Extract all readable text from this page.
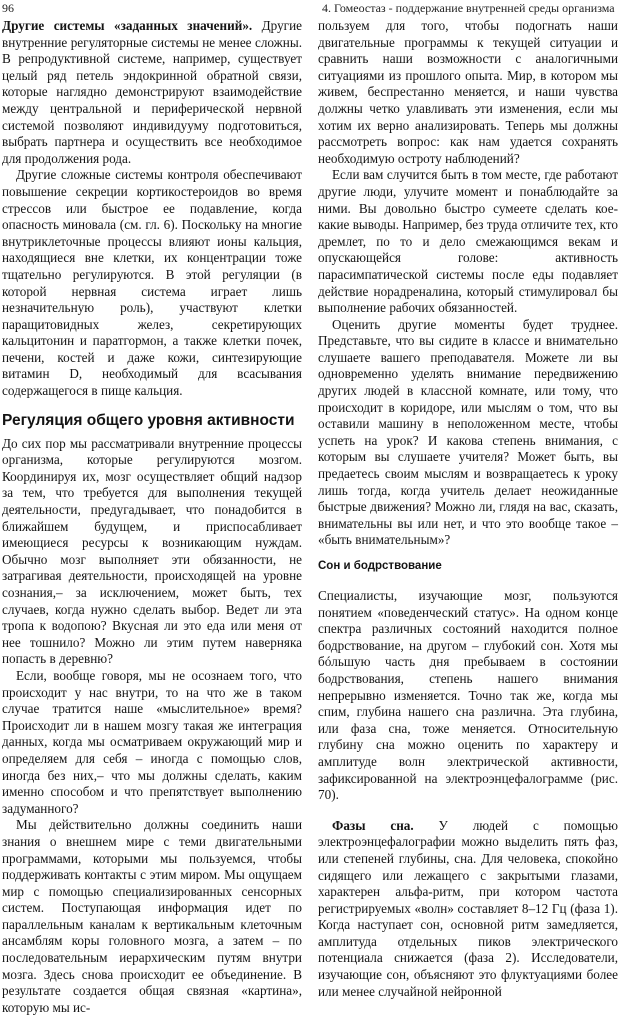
96	4. Гомеостаз - поддержание внутренней среды организма

Другие системы «заданных значений». Другие внутренние регуляторные системы не менее сложны. В репродуктивной системе, например, существует целый ряд петель эндокринной обратной связи, которые наглядно демонстрируют взаимодействие между центральной и периферической нервной системой позволяют индивидууму подготовиться, выбрать партнера и осуществить все необходимое для продолжения рода.

Другие сложные системы контроля обеспечивают повышение секреции кортикостероидов во время стрессов или быстрое ее подавление, когда опасность миновала (см. гл. 6). Поскольку на многие внутриклеточные процессы влияют ионы кальция, находящиеся вне клетки, их концентрации тоже тщательно регулируются. В этой регуляции (в которой нервная система играет лишь незначительную роль), участвуют клетки паращитовидных желез, секретирующих кальцитонин и паратгормон, а также клетки почек, печени, костей и даже кожи, синтезирующие витамин D, необходимый для всасывания содержащегося в пище кальция.

Регуляция общего уровня активности

До сих пор мы рассматривали внутренние процессы организма, которые регулируются мозгом. Координируя их, мозг осуществляет общий надзор за тем, что требуется для выполнения текущей деятельности, предугадывает, что понадобится в ближайшем будущем, и приспосабливает имеющиеся ресурсы к возникающим нуждам. Обычно мозг выполняет эти обязанности, не затрагивая деятельности, происходящей на уровне сознания,– за исключением, может быть, тех случаев, когда нужно сделать выбор. Ведет ли эта тропа к водопою? Вкусная ли это еда или меня от нее тошнило? Можно ли этим путем наверняка попасть в деревню?

Если, вообще говоря, мы не осознаем того, что происходит у нас внутри, то на что же в таком случае тратится наше «мыслительное» время? Происходит ли в нашем мозгу такая же интеграция данных, когда мы осматриваем окружающий мир и определяем для себя – иногда с помощью слов, иногда без них,– что мы должны сделать, каким именно способом и что препятствует выполнению задуманного?

Мы действительно должны соединить наши знания о внешнем мире с теми двигательными программами, которыми мы пользуемся, чтобы поддерживать контакты с этим миром. Мы ощущаем мир с помощью специализированных сенсорных систем. Поступающая информация идет по параллельным каналам к вертикальным клеточным ансамблям коры головного мозга, а затем – по последовательным иерархическим путям внутри мозга. Здесь снова происходит ее объединение. В результате создается общая связная «картина», которую мы ис-

пользуем для того, чтобы подогнать наши двигательные программы к текущей ситуации и сравнить наши возможности с аналогичными ситуациями из прошлого опыта. Мир, в котором мы живем, беспрестанно меняется, и наши чувства должны четко улавливать эти изменения, если мы хотим их верно анализировать. Теперь мы должны рассмотреть вопрос: как нам удается сохранять необходимую остроту наблюдений?

Если вам случится быть в том месте, где работают другие люди, улучите момент и понаблюдайте за ними. Вы довольно быстро сумеете сделать кое-какие выводы. Например, без труда отличите тех, кто дремлет, по то и дело смежающимся векам и опускающейся голове: активность парасимпатической системы после еды подавляет действие норадреналина, который стимулировал бы выполнение рабочих обязанностей.

Оценить другие моменты будет труднее. Представьте, что вы сидите в классе и внимательно слушаете вашего преподавателя. Можете ли вы одновременно уделять внимание передвижению других людей в классной комнате, или тому, что происходит в коридоре, или мыслям о том, что вы оставили машину в неположенном месте, чтобы успеть на урок? И какова степень внимания, с которым вы слушаете учителя? Может быть, вы предаетесь своим мыслям и возвращаетесь к уроку лишь тогда, когда учитель делает неожиданные быстрые движения? Можно ли, глядя на вас, сказать, внимательны вы или нет, и что это вообще такое – «быть внимательным»?

Сон и бодрствование

Специалисты, изучающие мозг, пользуются понятием «поведенческий статус». На одном конце спектра различных состояний находится полное бодрствование, на другом – глубокий сон. Хотя мы бóльшую часть дня пребываем в состоянии бодрствования, степень нашего внимания непрерывно изменяется. Точно так же, когда мы спим, глубина нашего сна различна. Эта глубина, или фаза сна, тоже меняется. Относительную глубину сна можно оценить по характеру и амплитуде волн электрической активности, зафиксированной на электроэнцефалограмме (рис. 70).

Фазы сна. У людей с помощью электроэнцефалографии можно выделить пять фаз, или степеней глубины, сна. Для человека, спокойно сидящего или лежащего с закрытыми глазами, характерен альфа-ритм, при котором частота регистрируемых «волн» составляет 8–12 Гц (фаза 1). Когда наступает сон, основной ритм замедляется, амплитуда отдельных пиков электрического потенциала снижается (фаза 2). Исследователи, изучающие сон, объясняют это флуктуациями более или менее случайной нейронной
